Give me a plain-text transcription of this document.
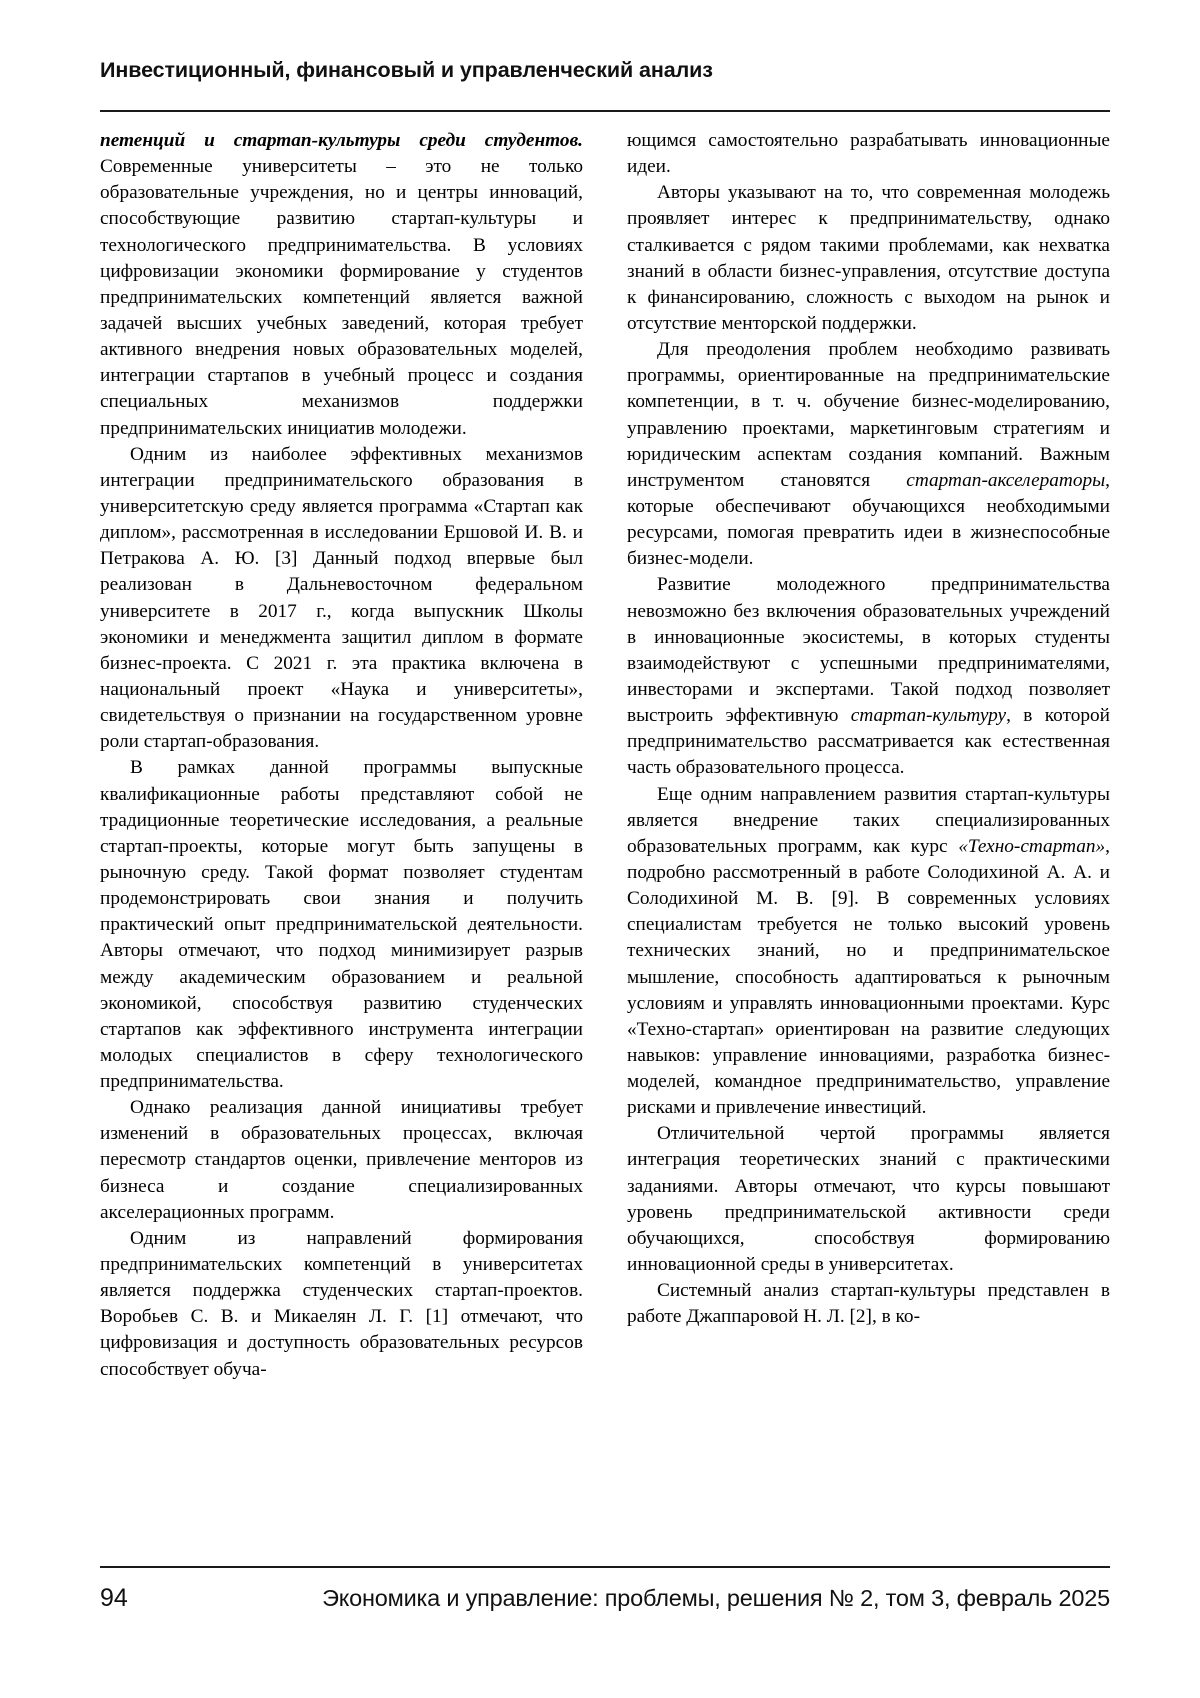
Инвестиционный, финансовый и управленческий анализ

петенций и стартап-культуры среди студентов. Современные университеты – это не только образовательные учреждения, но и центры инноваций, способствующие развитию стартап-культуры и технологического предпринимательства. В условиях цифровизации экономики формирование у студентов предпринимательских компетенций является важной задачей высших учебных заведений, которая требует активного внедрения новых образовательных моделей, интеграции стартапов в учебный процесс и создания специальных механизмов поддержки предпринимательских инициатив молодежи.

Одним из наиболее эффективных механизмов интеграции предпринимательского образования в университетскую среду является программа «Стартап как диплом», рассмотренная в исследовании Ершовой И. В. и Петракова А. Ю. [3] Данный подход впервые был реализован в Дальневосточном федеральном университете в 2017 г., когда выпускник Школы экономики и менеджмента защитил диплом в формате бизнес-проекта. С 2021 г. эта практика включена в национальный проект «Наука и университеты», свидетельствуя о признании на государственном уровне роли стартап-образования.

В рамках данной программы выпускные квалификационные работы представляют собой не традиционные теоретические исследования, а реальные стартап-проекты, которые могут быть запущены в рыночную среду. Такой формат позволяет студентам продемонстрировать свои знания и получить практический опыт предпринимательской деятельности. Авторы отмечают, что подход минимизирует разрыв между академическим образованием и реальной экономикой, способствуя развитию студенческих стартапов как эффективного инструмента интеграции молодых специалистов в сферу технологического предпринимательства.

Однако реализация данной инициативы требует изменений в образовательных процессах, включая пересмотр стандартов оценки, привлечение менторов из бизнеса и создание специализированных акселерационных программ.

Одним из направлений формирования предпринимательских компетенций в университетах является поддержка студенческих стартап-проектов. Воробьев С. В. и Микаелян Л. Г. [1] отмечают, что цифровизация и доступность образовательных ресурсов способствует обуча-

ющимся самостоятельно разрабатывать инновационные идеи.

Авторы указывают на то, что современная молодежь проявляет интерес к предпринимательству, однако сталкивается с рядом такими проблемами, как нехватка знаний в области бизнес-управления, отсутствие доступа к финансированию, сложность с выходом на рынок и отсутствие менторской поддержки.

Для преодоления проблем необходимо развивать программы, ориентированные на предпринимательские компетенции, в т. ч. обучение бизнес-моделированию, управлению проектами, маркетинговым стратегиям и юридическим аспектам создания компаний. Важным инструментом становятся стартап-акселераторы, которые обеспечивают обучающихся необходимыми ресурсами, помогая превратить идеи в жизнеспособные бизнес-модели.

Развитие молодежного предпринимательства невозможно без включения образовательных учреждений в инновационные экосистемы, в которых студенты взаимодействуют с успешными предпринимателями, инвесторами и экспертами. Такой подход позволяет выстроить эффективную стартап-культуру, в которой предпринимательство рассматривается как естественная часть образовательного процесса.

Еще одним направлением развития стартап-культуры является внедрение таких специализированных образовательных программ, как курс «Техно-стартап», подробно рассмотренный в работе Солодихиной А. А. и Солодихиной М. В. [9]. В современных условиях специалистам требуется не только высокий уровень технических знаний, но и предпринимательское мышление, способность адаптироваться к рыночным условиям и управлять инновационными проектами. Курс «Техно-стартап» ориентирован на развитие следующих навыков: управление инновациями, разработка бизнес-моделей, командное предпринимательство, управление рисками и привлечение инвестиций.

Отличительной чертой программы является интеграция теоретических знаний с практическими заданиями. Авторы отмечают, что курсы повышают уровень предпринимательской активности среди обучающихся, способствуя формированию инновационной среды в университетах.

Системный анализ стартап-культуры представлен в работе Джаппаровой Н. Л. [2], в ко-

94	Экономика и управление: проблемы, решения № 2, том 3, февраль 2025
